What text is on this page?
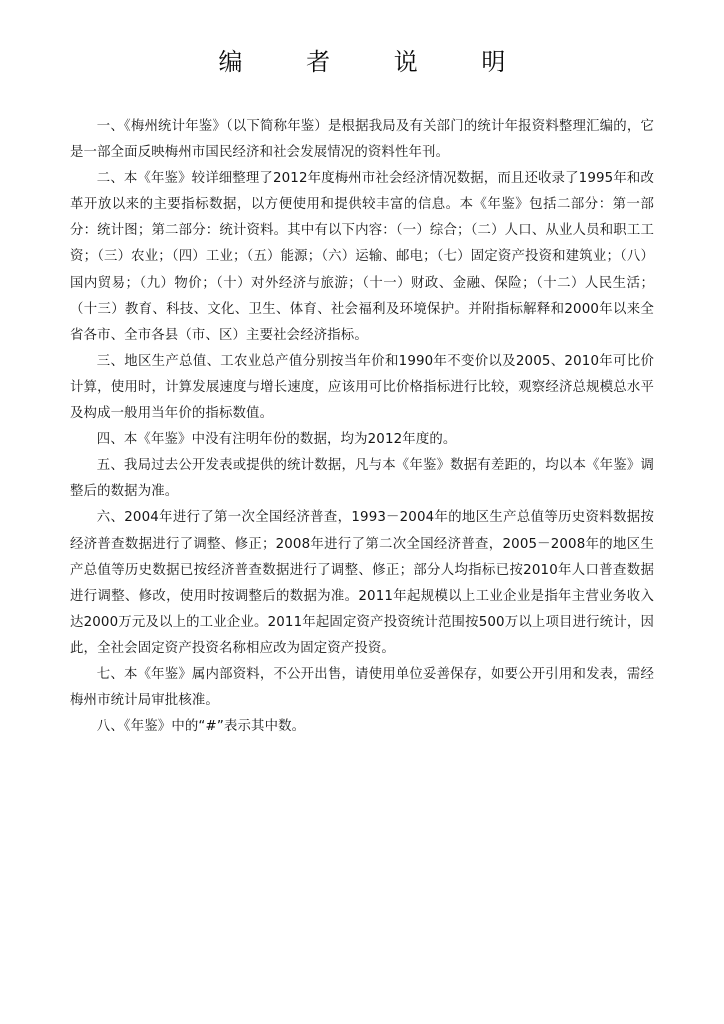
编 者 说 明

一、《梅州统计年鉴》（以下简称年鉴）是根据我局及有关部门的统计年报资料整理汇编的，它是一部全面反映梅州市国民经济和社会发展情况的资料性年刊。

二、本《年鉴》较详细整理了2012年度梅州市社会经济情况数据，而且还收录了1995年和改革开放以来的主要指标数据，以方便使用和提供较丰富的信息。本《年鉴》包括二部分：第一部分：统计图；第二部分：统计资料。其中有以下内容：（一）综合；（二）人口、从业人员和职工工资；（三）农业；（四）工业；（五）能源；（六）运输、邮电；（七）固定资产投资和建筑业；（八）国内贸易；（九）物价；（十）对外经济与旅游；（十一）财政、金融、保险；（十二）人民生活；（十三）教育、科技、文化、卫生、体育、社会福利及环境保护。并附指标解释和2000年以来全省各市、全市各县（市、区）主要社会经济指标。

三、地区生产总值、工农业总产值分别按当年价和1990年不变价以及2005、2010年可比价计算，使用时，计算发展速度与增长速度，应该用可比价格指标进行比较，观察经济总规模总水平及构成一般用当年价的指标数值。

四、本《年鉴》中没有注明年份的数据，均为2012年度的。

五、我局过去公开发表或提供的统计数据，凡与本《年鉴》数据有差距的，均以本《年鉴》调整后的数据为准。

六、2004年进行了第一次全国经济普查，1993－2004年的地区生产总值等历史资料数据按经济普查数据进行了调整、修正；2008年进行了第二次全国经济普查，2005－2008年的地区生产总值等历史数据已按经济普查数据进行了调整、修正；部分人均指标已按2010年人口普查数据进行调整、修改，使用时按调整后的数据为准。2011年起规模以上工业企业是指年主营业务收入达2000万元及以上的工业企业。2011年起固定资产投资统计范围按500万以上项目进行统计，因此，全社会固定资产投资名称相应改为固定资产投资。

七、本《年鉴》属内部资料，不公开出售，请使用单位妥善保存，如要公开引用和发表，需经梅州市统计局审批核准。

八、《年鉴》中的“#”表示其中数。
